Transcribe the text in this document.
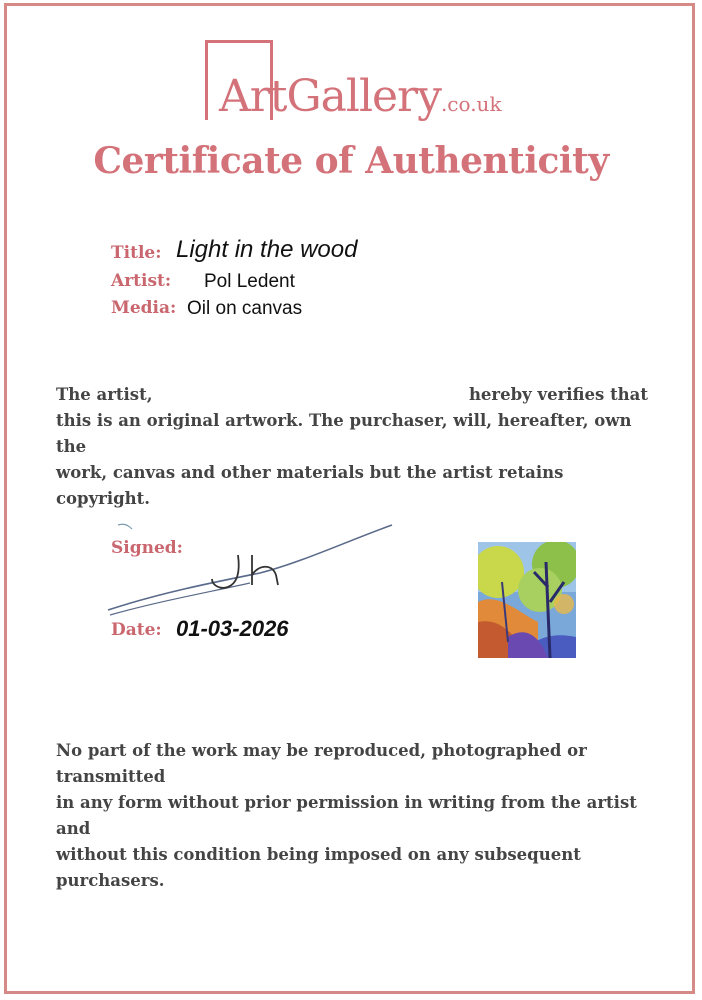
ArtGallery.co.uk
Certificate of Authenticity
Title: Light in the wood
Artist: Pol Ledent
Media: Oil on canvas
The artist,	hereby verifies that
this is an original artwork. The purchaser, will, hereafter, own the
work, canvas and other materials but the artist retains copyright.
Signed:
Date: 01-03-2026
No part of the work may be reproduced, photographed or transmitted
in any form without prior permission in writing from the artist and
without this condition being imposed on any subsequent purchasers.
